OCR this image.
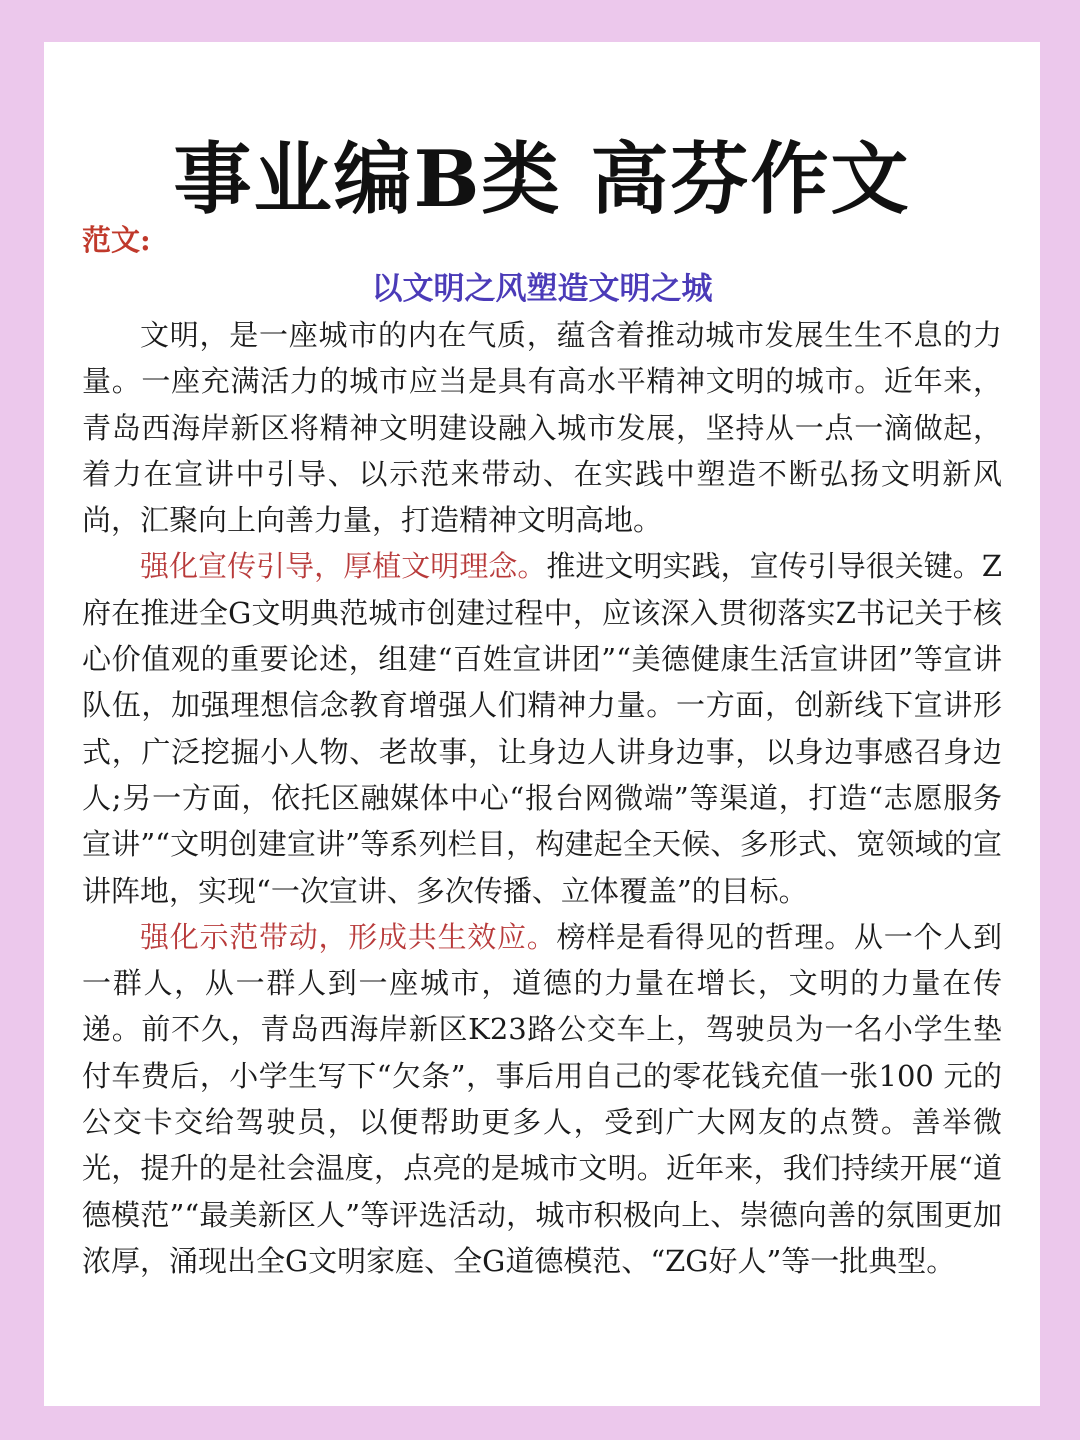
事业编B类 高芬作文
范文:
以文明之风塑造文明之城

文明，是一座城市的内在气质，蕴含着推动城市发展生生不息的力量。一座充满活力的城市应当是具有高水平精神文明的城市。近年来，青岛西海岸新区将精神文明建设融入城市发展，坚持从一点一滴做起，着力在宣讲中引导、以示范来带动、在实践中塑造不断弘扬文明新风尚，汇聚向上向善力量，打造精神文明高地。

强化宣传引导，厚植文明理念。推进文明实践，宣传引导很关键。Z府在推进全G文明典范城市创建过程中，应该深入贯彻落实Z书记关于核心价值观的重要论述，组建“百姓宣讲团”“美德健康生活宣讲团”等宣讲队伍，加强理想信念教育增强人们精神力量。一方面，创新线下宣讲形式，广泛挖掘小人物、老故事，让身边人讲身边事，以身边事感召身边人;另一方面，依托区融媒体中心“报台网微端”等渠道，打造“志愿服务宣讲”“文明创建宣讲”等系列栏目，构建起全天候、多形式、宽领域的宣讲阵地，实现“一次宣讲、多次传播、立体覆盖”的目标。

强化示范带动，形成共生效应。榜样是看得见的哲理。从一个人到一群人，从一群人到一座城市，道德的力量在增长，文明的力量在传递。前不久，青岛西海岸新区K23路公交车上，驾驶员为一名小学生垫付车费后，小学生写下“欠条”，事后用自己的零花钱充值一张100 元的公交卡交给驾驶员，以便帮助更多人，受到广大网友的点赞。善举微光，提升的是社会温度，点亮的是城市文明。近年来，我们持续开展“道德模范”“最美新区人”等评选活动，城市积极向上、崇德向善的氛围更加浓厚，涌现出全G文明家庭、全G道德模范、“ZG好人”等一批典型。
